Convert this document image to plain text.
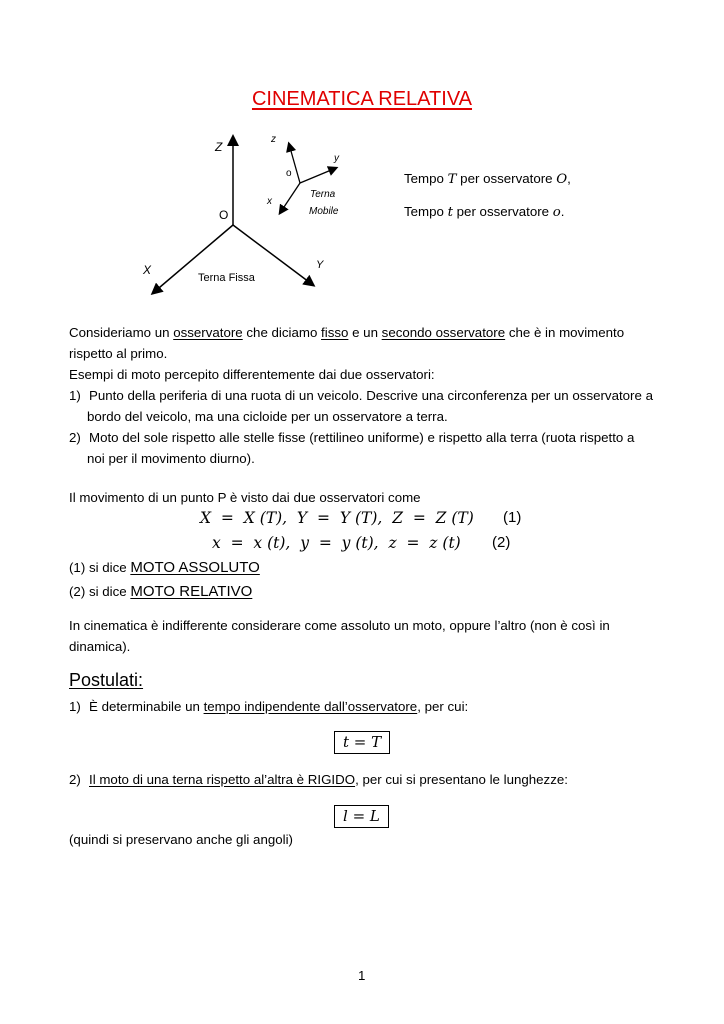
CINEMATICA RELATIVA
Z
O
X	Y
Terna Fissa
z
o
y
x
Terna
Mobile
Tempo T per osservatore O,
Tempo t per osservatore o.
Consideriamo un osservatore che diciamo fisso e un secondo osservatore che è in movimento
rispetto al primo.
Esempi di moto percepito differentemente dai due osservatori:
1) Punto della periferia di una ruota di un veicolo. Descrive una circonferenza per un osservatore a
bordo del veicolo, ma una cicloide per un osservatore a terra.
2) Moto del sole rispetto alle stelle fisse (rettilineo uniforme) e rispetto alla terra (ruota rispetto a
noi per il movimento diurno).
Il movimento di un punto P è visto dai due osservatori come
X  =  X (T),  Y  =  Y (T),  Z  =  Z (T) (1)
x  =  x (t),  y  =  y (t),  z  =  z (t) (2)
(1) si dice MOTO ASSOLUTO
(2) si dice MOTO RELATIVO
In cinematica è indifferente considerare come assoluto un moto, oppure l’altro (non è così in
dinamica).
Postulati:
1) È determinabile un tempo indipendente dall’osservatore, per cui:
t = T
2) Il moto di una terna rispetto al’altra è RIGIDO, per cui si presentano le lunghezze:
l = L
(quindi si preservano anche gli angoli)
1
